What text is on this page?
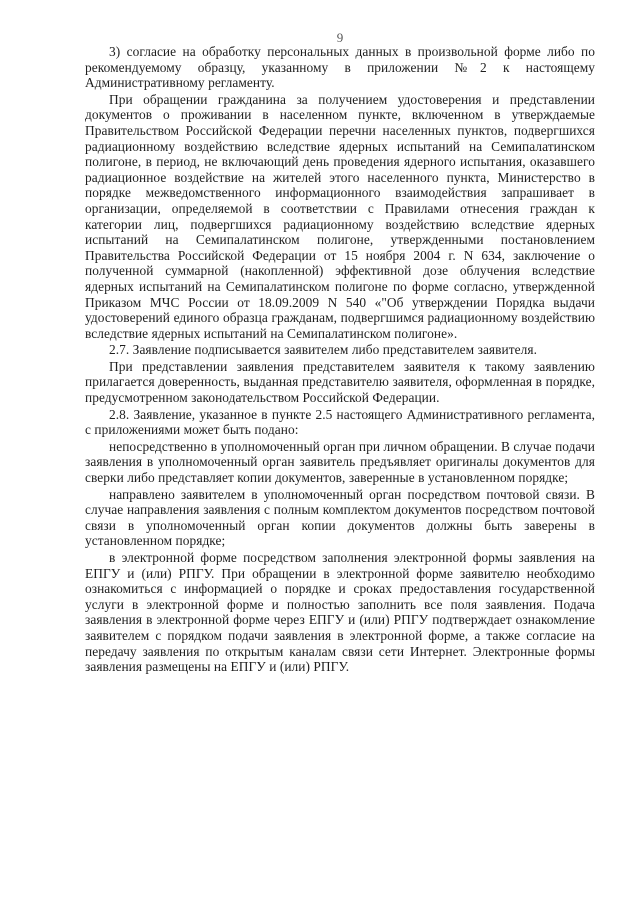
9

3) согласие на обработку персональных данных в произвольной форме либо по рекомендуемому образцу, указанному в приложении №2 к настоящему Административному регламенту.

При обращении гражданина за получением удостоверения и представлении документов о проживании в населенном пункте, включенном в утверждаемые Правительством Российской Федерации перечни населенных пунктов, подвергшихся радиационному воздействию вследствие ядерных испытаний на Семипалатинском полигоне, в период, не включающий день проведения ядерного испытания, оказавшего радиационное воздействие на жителей этого населенного пункта, Министерство в порядке межведомственного информационного взаимодействия запрашивает в организации, определяемой в соответствии с Правилами отнесения граждан к категории лиц, подвергшихся радиационному воздействию вследствие ядерных испытаний на Семипалатинском полигоне, утвержденными постановлением Правительства Российской Федерации от 15 ноября 2004 г. N 634, заключение о полученной суммарной (накопленной) эффективной дозе облучения вследствие ядерных испытаний на Семипалатинском полигоне по форме согласно, утвержденной Приказом МЧС России от 18.09.2009 N 540 «"Об утверждении Порядка выдачи удостоверений единого образца гражданам, подвергшимся радиационному воздействию вследствие ядерных испытаний на Семипалатинском полигоне».

2.7. Заявление подписывается заявителем либо представителем заявителя.

При представлении заявления представителем заявителя к такому заявлению прилагается доверенность, выданная представителю заявителя, оформленная в порядке, предусмотренном законодательством Российской Федерации.

2.8. Заявление, указанное в пункте 2.5 настоящего Административного регламента, с приложениями может быть подано:

непосредственно в уполномоченный орган при личном обращении. В случае подачи заявления в уполномоченный орган заявитель предъявляет оригиналы документов для сверки либо представляет копии документов, заверенные в установленном порядке;

направлено заявителем в уполномоченный орган посредством почтовой связи. В случае направления заявления с полным комплектом документов посредством почтовой связи в уполномоченный орган копии документов должны быть заверены в установленном порядке;

в электронной форме посредством заполнения электронной формы заявления на ЕПГУ и (или) РПГУ. При обращении в электронной форме заявителю необходимо ознакомиться с информацией о порядке и сроках предоставления государственной услуги в электронной форме и полностью заполнить все поля заявления. Подача заявления в электронной форме через ЕПГУ и (или) РПГУ подтверждает ознакомление заявителем с порядком подачи заявления в электронной форме, а также согласие на передачу заявления по открытым каналам связи сети Интернет. Электронные формы заявления размещены на ЕПГУ и (или) РПГУ.
